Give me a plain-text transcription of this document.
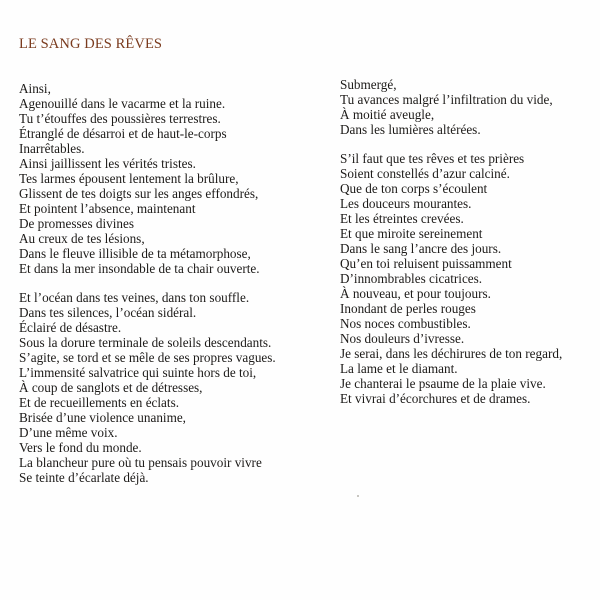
LE SANG DES RÊVES
Ainsi,
Agenouillé dans le vacarme et la ruine.
Tu t’étouffes des poussières terrestres.
Étranglé de désarroi et de haut-le-corps
Inarrêtables.
Ainsi jaillissent les vérités tristes.
Tes larmes épousent lentement la brûlure,
Glissent de tes doigts sur les anges effondrés,
Et pointent l’absence, maintenant
De promesses divines
Au creux de tes lésions,
Dans le fleuve illisible de ta métamorphose,
Et dans la mer insondable de ta chair ouverte.
Et l’océan dans tes veines, dans ton souffle.
Dans tes silences, l’océan sidéral.
Éclairé de désastre.
Sous la dorure terminale de soleils descendants.
S’agite, se tord et se mêle de ses propres vagues.
L’immensité salvatrice qui suinte hors de toi,
À coup de sanglots et de détresses,
Et de recueillements en éclats.
Brisée d’une violence unanime,
D’une même voix.
Vers le fond du monde.
La blancheur pure où tu pensais pouvoir vivre
Se teinte d’écarlate déjà.
Submergé,
Tu avances malgré l’infiltration du vide,
À moitié aveugle,
Dans les lumières altérées.
S’il faut que tes rêves et tes prières
Soient constellés d’azur calciné.
Que de ton corps s’écoulent
Les douceurs mourantes.
Et les étreintes crevées.
Et que miroite sereinement
Dans le sang l’ancre des jours.
Qu’en toi reluisent puissamment
D’innombrables cicatrices.
À nouveau, et pour toujours.
Inondant de perles rouges
Nos noces combustibles.
Nos douleurs d’ivresse.
Je serai, dans les déchirures de ton regard,
La lame et le diamant.
Je chanterai le psaume de la plaie vive.
Et vivrai d’écorchures et de drames.
